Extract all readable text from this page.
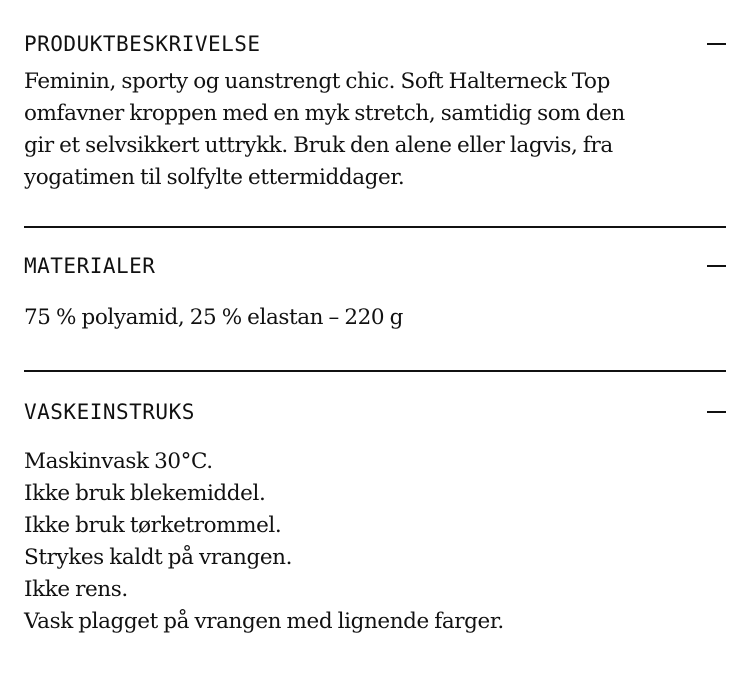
PRODUKTBESKRIVELSE

Feminin, sporty og uanstrengt chic. Soft Halterneck Top

omfavner kroppen med en myk stretch, samtidig som den

gir et selvsikkert uttrykk. Bruk den alene eller lagvis, fra

yogatimen til solfylte ettermiddager.

MATERIALER

75 % polyamid, 25 % elastan – 220 g

VASKEINSTRUKS

Maskinvask 30°C.

Ikke bruk blekemiddel.

Ikke bruk tørketrommel.

Strykes kaldt på vrangen.

Ikke rens.

Vask plagget på vrangen med lignende farger.
